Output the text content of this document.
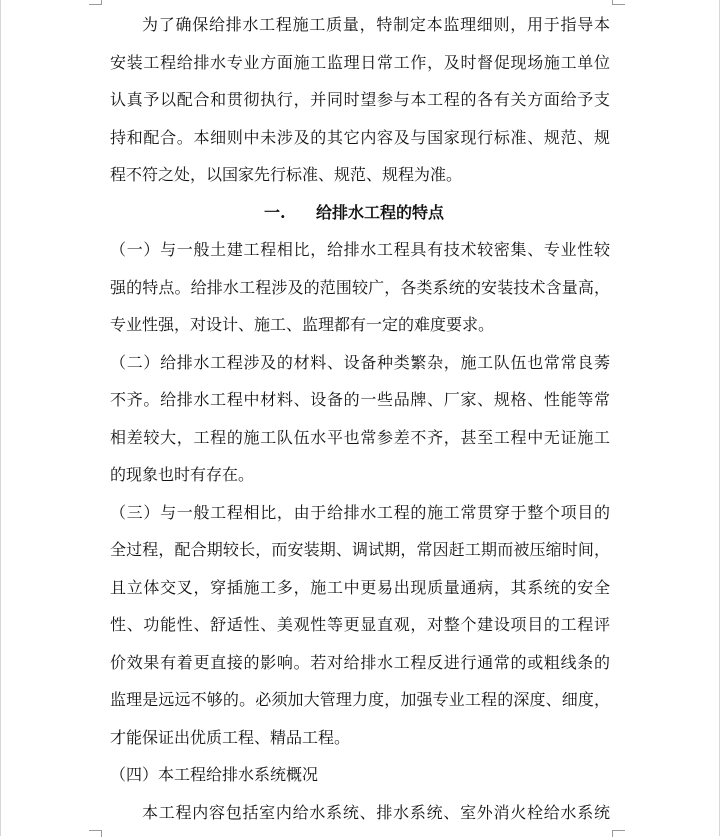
为了确保给排水工程施工质量，特制定本监理细则，用于指导本
安装工程给排水专业方面施工监理日常工作，及时督促现场施工单位
认真予以配合和贯彻执行，并同时望参与本工程的各有关方面给予支
持和配合。本细则中未涉及的其它内容及与国家现行标准、规范、规
程不符之处，以国家先行标准、规范、规程为准。
一. 给排水工程的特点
（一）与一般土建工程相比，给排水工程具有技术较密集、专业性较
强的特点。给排水工程涉及的范围较广，各类系统的安装技术含量高，
专业性强，对设计、施工、监理都有一定的难度要求。
（二）给排水工程涉及的材料、设备种类繁杂，施工队伍也常常良莠
不齐。给排水工程中材料、设备的一些品牌、厂家、规格、性能等常
相差较大，工程的施工队伍水平也常参差不齐，甚至工程中无证施工
的现象也时有存在。
（三）与一般工程相比，由于给排水工程的施工常贯穿于整个项目的
全过程，配合期较长，而安装期、调试期，常因赶工期而被压缩时间，
且立体交叉，穿插施工多，施工中更易出现质量通病，其系统的安全
性、功能性、舒适性、美观性等更显直观，对整个建设项目的工程评
价效果有着更直接的影响。若对给排水工程反进行通常的或粗线条的
监理是远远不够的。必须加大管理力度，加强专业工程的深度、细度，
才能保证出优质工程、精品工程。
（四）本工程给排水系统概况
本工程内容包括室内给水系统、排水系统、室外消火栓给水系统
